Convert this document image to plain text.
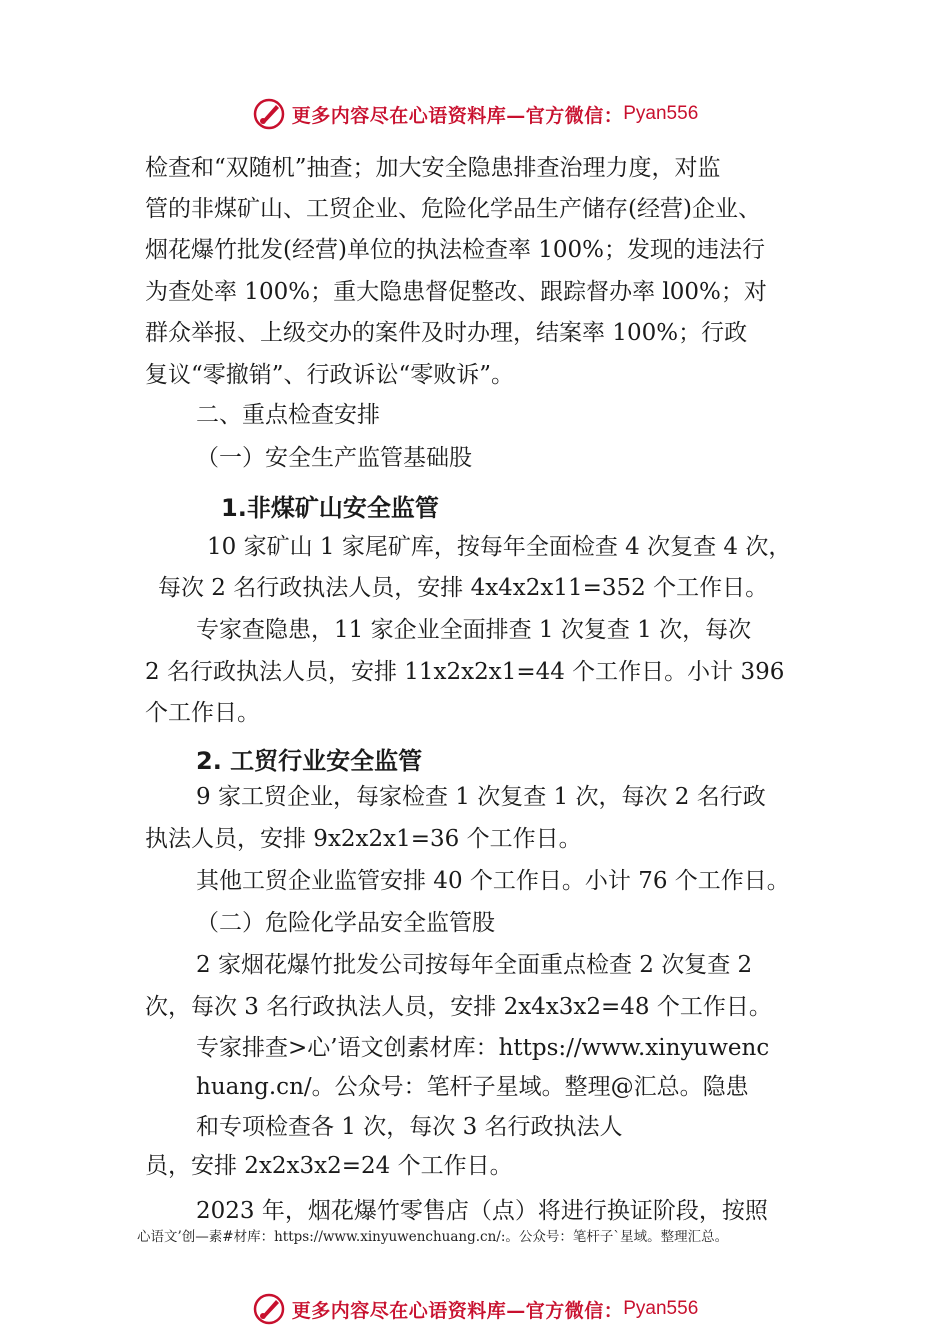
更多内容尽在心语资料库—官方微信： Pyan556

检查和“双随机”抽查；加大安全隐患排查治理力度，对监

管的非煤矿山、工贸企业、危险化学品生产储存(经营)企业、

烟花爆竹批发(经营)单位的执法检查率 100%；发现的违法行

为查处率 100%；重大隐患督促整改、跟踪督办率 l00%；对

群众举报、上级交办的案件及时办理，结案率 100%；行政

复议“零撤销”、行政诉讼“零败诉”。

二、重点检查安排

（一）安全生产监管基础股

1.非煤矿山安全监管

10 家矿山 1 家尾矿库，按每年全面检查 4 次复查 4 次，

每次 2 名行政执法人员，安排 4x4x2x11=352 个工作日。

专家查隐患，11 家企业全面排查 1 次复查 1 次，每次

2 名行政执法人员，安排 11x2x2x1=44 个工作日。小计 396

个工作日。

2. 工贸行业安全监管

9 家工贸企业，每家检查 1 次复查 1 次，每次 2 名行政

执法人员，安排 9x2x2x1=36 个工作日。

其他工贸企业监管安排 40 个工作日。小计 76 个工作日。

（二）危险化学品安全监管股

2 家烟花爆竹批发公司按每年全面重点检查 2 次复查 2

次，每次 3 名行政执法人员，安排 2x4x3x2=48 个工作日。

专家排查>心’语文创素材库：https://www.xinyuwenc

huang.cn/。公众号：笔杆子星域。整理@汇总。隐患

和专项检查各 1 次，每次 3 名行政执法人

员，安排 2x2x3x2=24 个工作日。

2023 年，烟花爆竹零售店（点）将进行换证阶段，按照

心语文’创—素#材库：https://www.xinyuwenchuang.cn/:。公众号：笔杆子`星域。整理汇总。
更多内容尽在心语资料库—官方微信： Pyan556
